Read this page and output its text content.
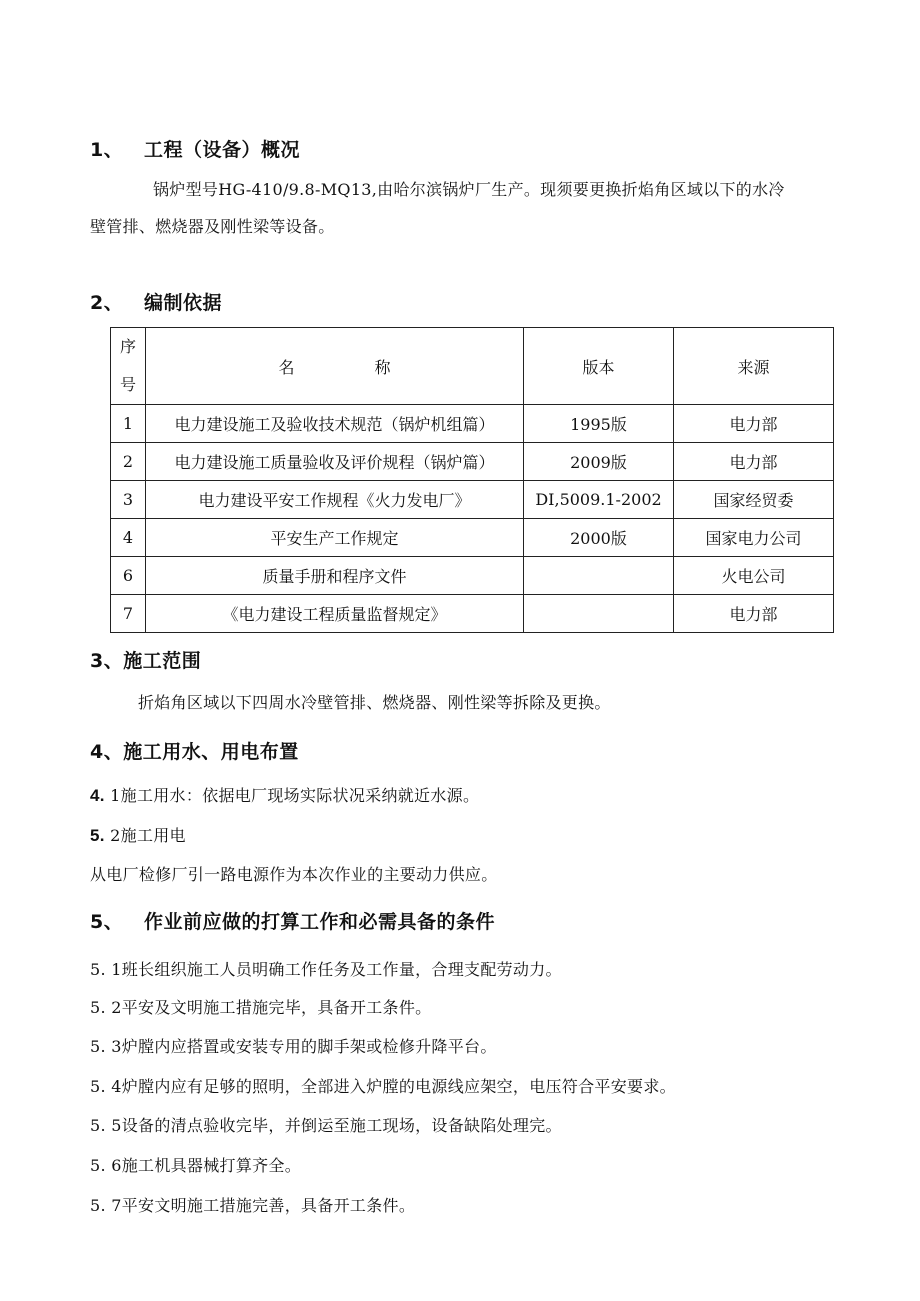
1、 工程（设备）概况
锅炉型号HG-410/9.8-MQ13,由哈尔滨锅炉厂生产。现须要更换折焰角区域以下的水冷
壁管排、燃烧器及刚性梁等设备。
2、 编制依据
序
号	名　　　　　称	版本	来源
1	电力建设施工及验收技术规范（锅炉机组篇）	1995版	电力部
2	电力建设施工质量验收及评价规程（锅炉篇）	2009版	电力部
3	电力建设平安工作规程《火力发电厂》	DI,5009.1-2002	国家经贸委
4	平安生产工作规定	2000版	国家电力公司
6	质量手册和程序文件		火电公司
7	《电力建设工程质量监督规定》		电力部
3、施工范围
折焰角区域以下四周水冷壁管排、燃烧器、刚性梁等拆除及更换。
4、施工用水、用电布置
4. 1施工用水：依据电厂现场实际状况采纳就近水源。
5. 2施工用电
从电厂检修厂引一路电源作为本次作业的主要动力供应。
5、 作业前应做的打算工作和必需具备的条件
5. 1班长组织施工人员明确工作任务及工作量，合理支配劳动力。
5. 2平安及文明施工措施完毕，具备开工条件。
5. 3炉膛内应搭置或安装专用的脚手架或检修升降平台。
5. 4炉膛内应有足够的照明，全部进入炉膛的电源线应架空，电压符合平安要求。
5. 5设备的清点验收完毕，并倒运至施工现场，设备缺陷处理完。
5. 6施工机具器械打算齐全。
5. 7平安文明施工措施完善，具备开工条件。
